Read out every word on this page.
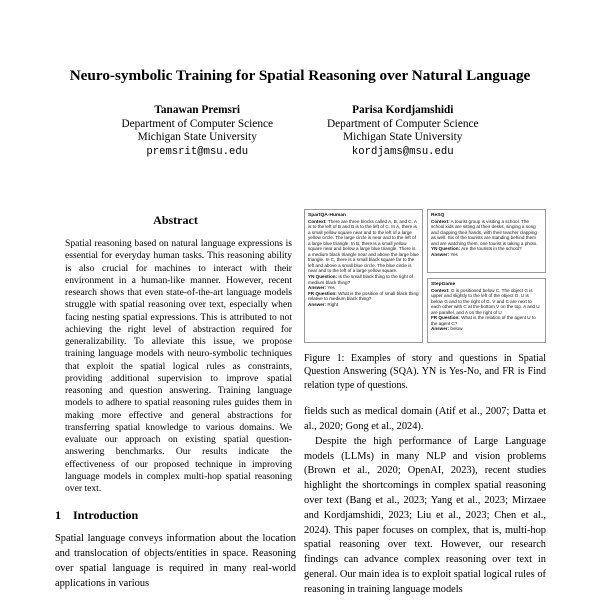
Neuro-symbolic Training for Spatial Reasoning over Natural Language
Tanawan Premsri
Department of Computer Science
Michigan State University
premsrit@msu.edu
Parisa Kordjamshidi
Department of Computer Science
Michigan State University
kordjams@msu.edu
Abstract
Spatial reasoning based on natural language expressions is essential for everyday human tasks. This reasoning ability is also crucial for machines to interact with their environment in a human-like manner. However, recent research shows that even state-of-the-art language models struggle with spatial reasoning over text, especially when facing nesting spatial expressions. This is attributed to not achieving the right level of abstraction required for generalizability. To alleviate this issue, we propose training language models with neuro-symbolic techniques that exploit the spatial logical rules as constraints, providing additional supervision to improve spatial reasoning and question answering. Training language models to adhere to spatial reasoning rules guides them in making more effective and general abstractions for transferring spatial knowledge to various domains. We evaluate our approach on existing spatial question-answering benchmarks. Our results indicate the effectiveness of our proposed technique in improving language models in complex multi-hop spatial reasoning over text.
1 Introduction

Spatial language conveys information about the location and translocation of objects/entities in space. Reasoning over spatial language is required in many real-world applications in various

SpartQA-Human
Context: There are three blocks called A, B, and C. A is to the left of B and B is to the left of C. In A, there is a small yellow square near and to the left of a large yellow circle. The large circle is near and to the left of a large blue triangle. In B, there is a small yellow square near and below a large blue triangle. There is a medium black triangle near and above the large blue triangle. In C, there is a small black square far to the left and above a small blue circle. The blue circle is near and to the left of a large yellow square.
YN Question: Is the small black thing to the right of medium black thing?
Answer: Yes
FR Question: What is the position of small black thing relative to medium black thing?
Answer: Right
ReSQ
Context: A tourist group is visiting a school. The school kids are sitting at their desks, singing a song and clapping their hands, with their teacher clapping as well. Six of the tourists are standing behind them and are watching them, one tourist is taking a photo.
YN Question: Are the tourists in the school?
Answer: Yes
StepGame
Context: G is positioned below C. The object G is upper and slightly to the left of the object O. U is below G and to the right of G. V and C are next to each other with C at the bottom V on the top. A and U are parallel, and A on the right of U
FR Question: What is the relation of the agent U to the agent C?
Answer: below
Figure 1: Examples of story and questions in Spatial Question Answering (SQA). YN is Yes-No, and FR is Find relation type of questions.

fields such as medical domain (Atif et al., 2007; Datta et al., 2020; Gong et al., 2024).

Despite the high performance of Large Language models (LLMs) in many NLP and vision problems (Brown et al., 2020; OpenAI, 2023), recent studies highlight the shortcomings in complex spatial reasoning over text (Bang et al., 2023; Yang et al., 2023; Mirzaee and Kordjamshidi, 2023; Liu et al., 2023; Chen et al., 2024). This paper focuses on complex, that is, multi-hop spatial reasoning over text. However, our research findings can advance complex reasoning over text in general. Our main idea is to exploit spatial logical rules of reasoning in training language models
